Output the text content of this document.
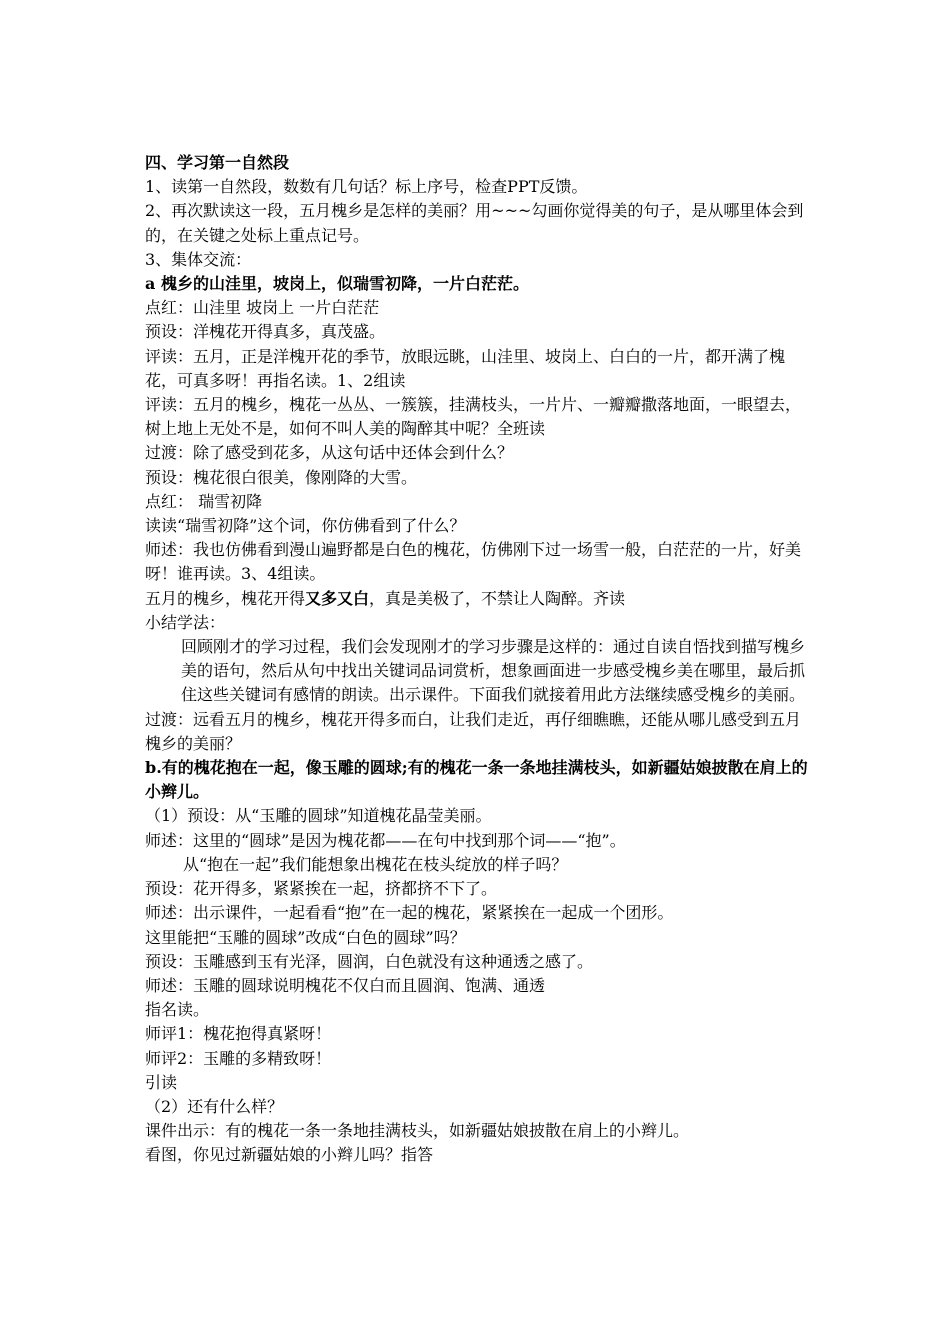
四、学习第一自然段
1、读第一自然段，数数有几句话？标上序号，检查PPT反馈。
2、再次默读这一段，五月槐乡是怎样的美丽？用~~~勾画你觉得美的句子，是从哪里体会到的，在关键之处标上重点记号。
3、集体交流：
a 槐乡的山洼里，坡岗上，似瑞雪初降，一片白茫茫。
点红：山洼里 坡岗上 一片白茫茫
预设：洋槐花开得真多，真茂盛。
评读：五月，正是洋槐开花的季节，放眼远眺，山洼里、坡岗上、白白的一片，都开满了槐花，可真多呀！再指名读。1、2组读
评读：五月的槐乡，槐花一丛丛、一簇簇，挂满枝头，一片片、一瓣瓣撒落地面，一眼望去，树上地上无处不是，如何不叫人美的陶醉其中呢？全班读
过渡：除了感受到花多，从这句话中还体会到什么？
预设：槐花很白很美，像刚降的大雪。
点红： 瑞雪初降
读读“瑞雪初降”这个词，你仿佛看到了什么？
师述：我也仿佛看到漫山遍野都是白色的槐花，仿佛刚下过一场雪一般，白茫茫的一片，好美呀！谁再读。3、4组读。
五月的槐乡，槐花开得又多又白，真是美极了，不禁让人陶醉。齐读
小结学法：
回顾刚才的学习过程，我们会发现刚才的学习步骤是这样的：通过自读自悟找到描写槐乡美的语句，然后从句中找出关键词品词赏析，想象画面进一步感受槐乡美在哪里，最后抓住这些关键词有感情的朗读。出示课件。下面我们就接着用此方法继续感受槐乡的美丽。
过渡：远看五月的槐乡，槐花开得多而白，让我们走近，再仔细瞧瞧，还能从哪儿感受到五月槐乡的美丽？
b.有的槐花抱在一起，像玉雕的圆球;有的槐花一条一条地挂满枝头，如新疆姑娘披散在肩上的小辫儿。
（1）预设：从“玉雕的圆球”知道槐花晶莹美丽。
师述：这里的“圆球”是因为槐花都——在句中找到那个词——“抱”。
从“抱在一起”我们能想象出槐花在枝头绽放的样子吗？
预设：花开得多，紧紧挨在一起，挤都挤不下了。
师述：出示课件，一起看看“抱”在一起的槐花，紧紧挨在一起成一个团形。
这里能把“玉雕的圆球”改成“白色的圆球”吗？
预设：玉雕感到玉有光泽，圆润，白色就没有这种通透之感了。
师述：玉雕的圆球说明槐花不仅白而且圆润、饱满、通透
指名读。
师评1：槐花抱得真紧呀！
师评2：玉雕的多精致呀！
引读
（2）还有什么样？
课件出示：有的槐花一条一条地挂满枝头，如新疆姑娘披散在肩上的小辫儿。
看图，你见过新疆姑娘的小辫儿吗？指答
